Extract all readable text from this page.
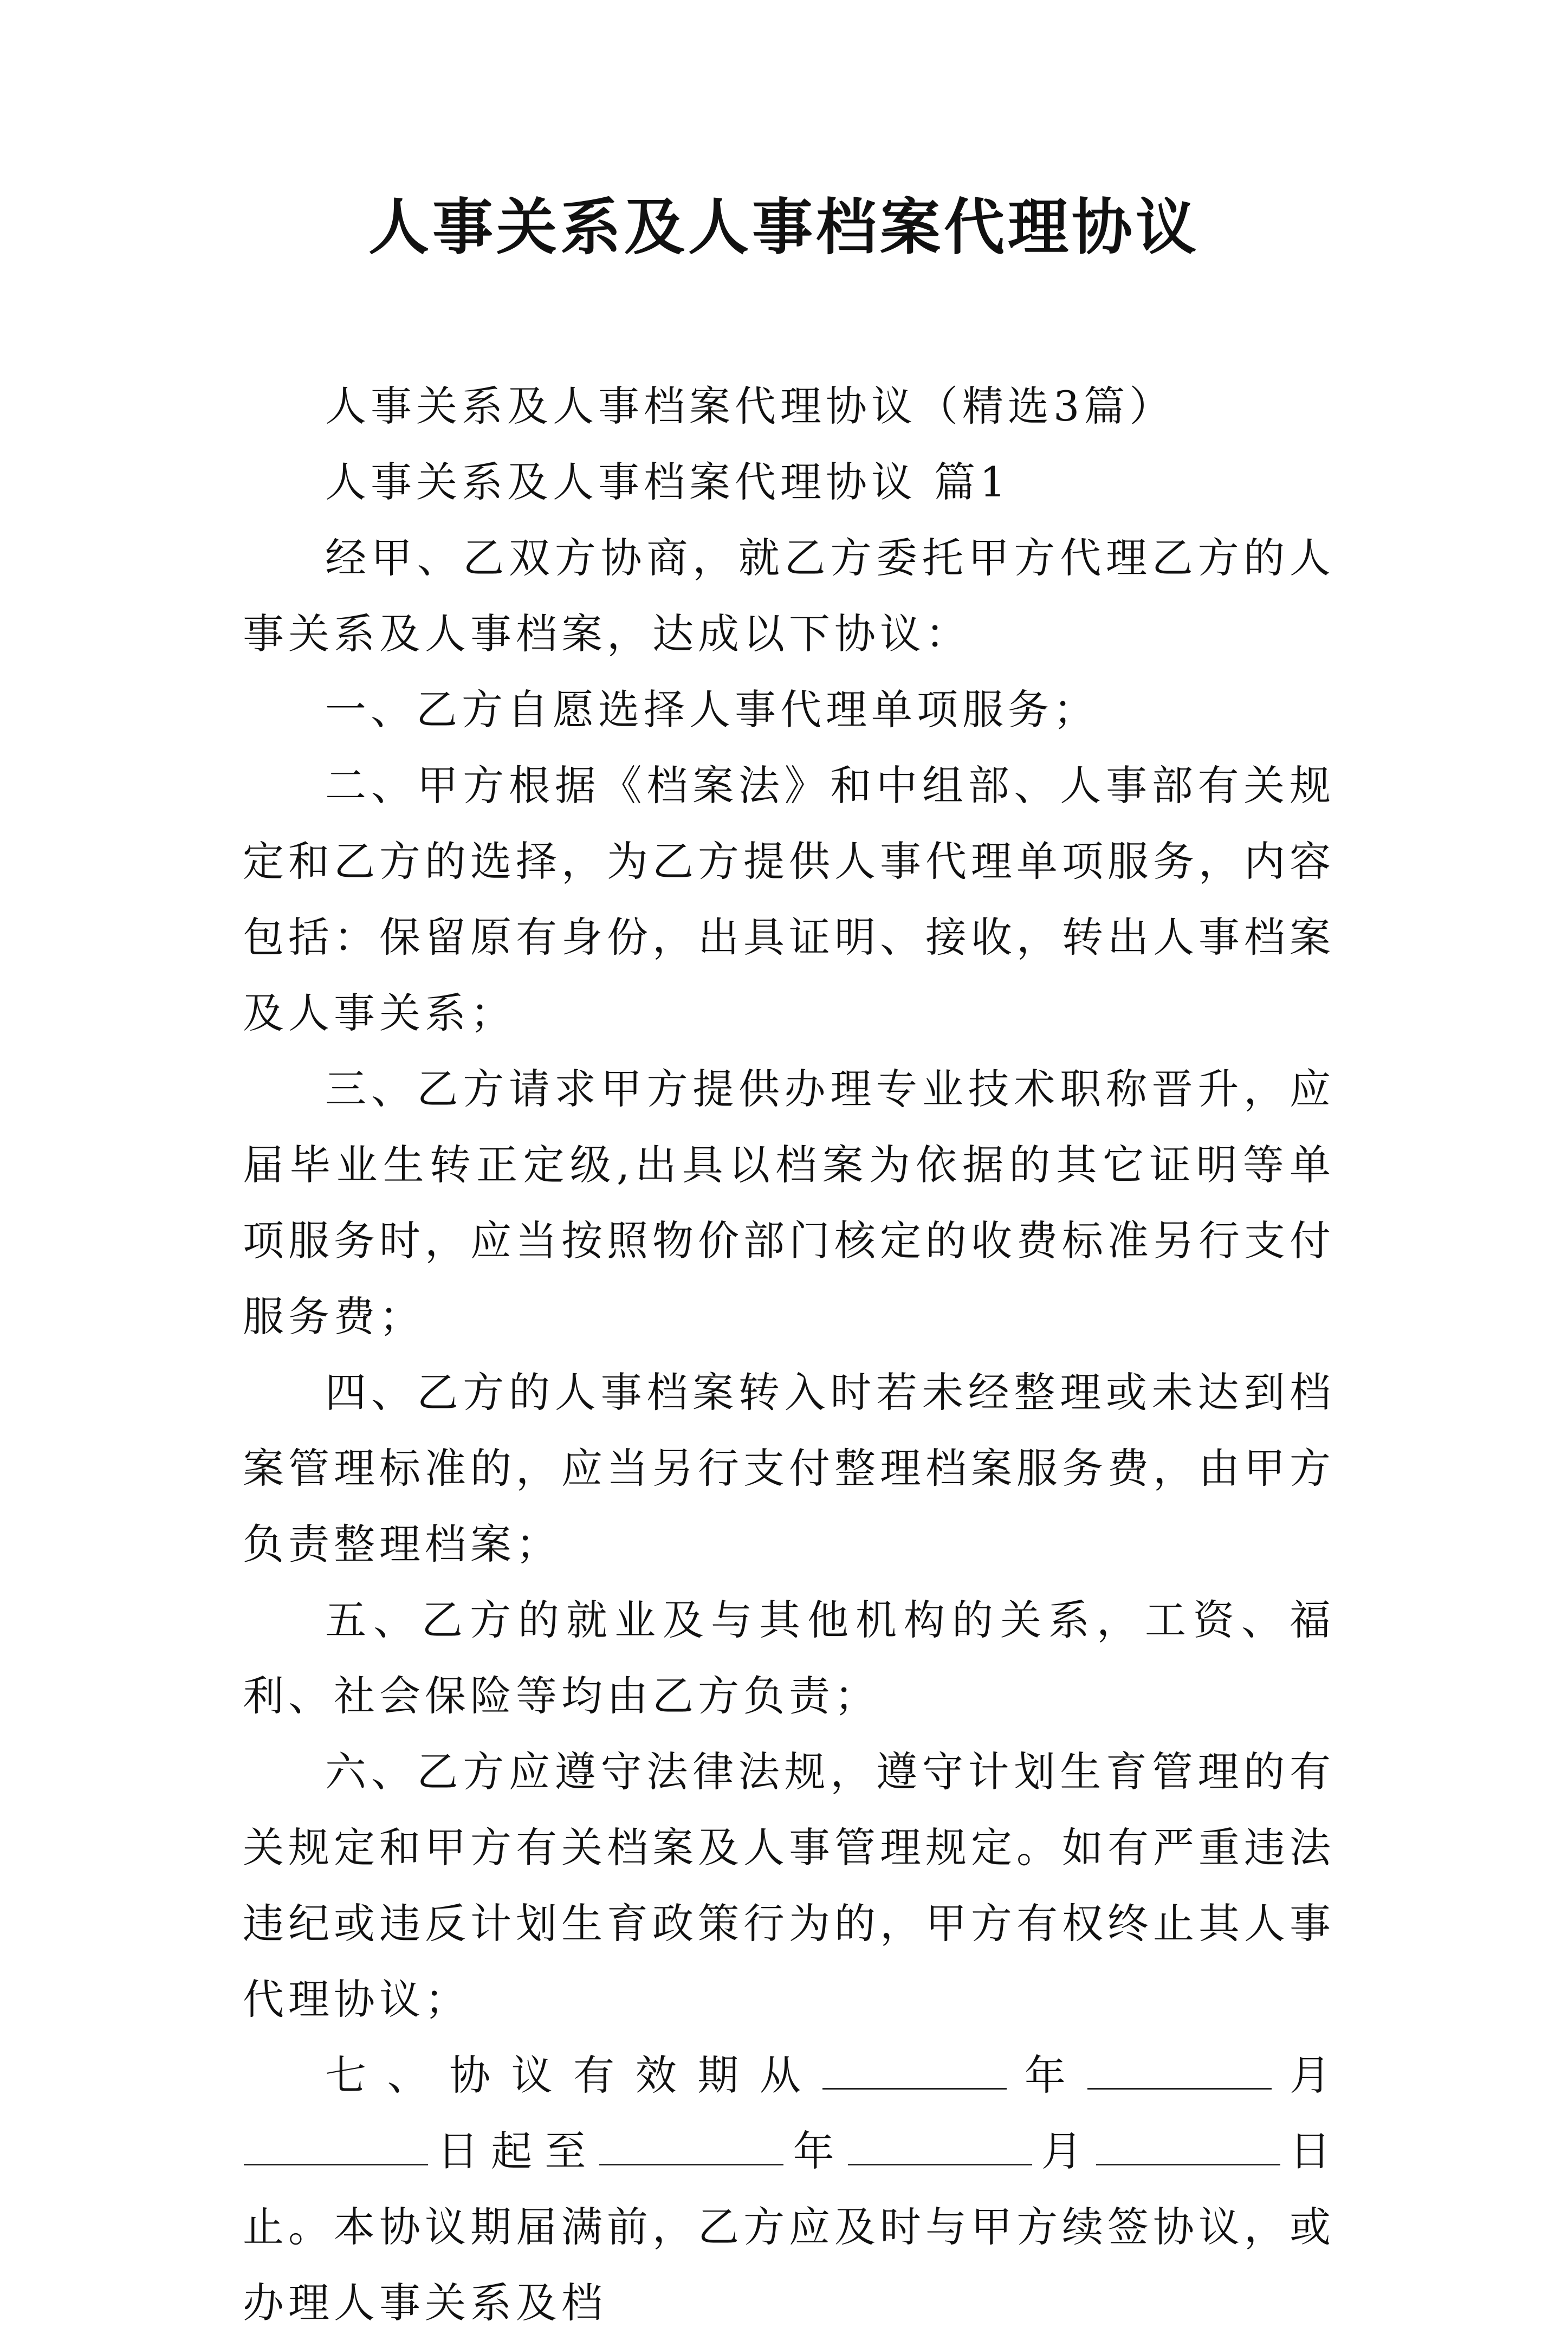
人事关系及人事档案代理协议

人事关系及人事档案代理协议（精选3篇）

人事关系及人事档案代理协议 篇1

经甲、乙双方协商，就乙方委托甲方代理乙方的人事关系及人事档案，达成以下协议：

一、乙方自愿选择人事代理单项服务；

二、甲方根据《档案法》和中组部、人事部有关规定和乙方的选择，为乙方提供人事代理单项服务，内容包括：保留原有身份，出具证明、接收，转出人事档案及人事关系；

三、乙方请求甲方提供办理专业技术职称晋升，应届毕业生转正定级,出具以档案为依据的其它证明等单项服务时，应当按照物价部门核定的收费标准另行支付服务费；

四、乙方的人事档案转入时若未经整理或未达到档案管理标准的，应当另行支付整理档案服务费，由甲方负责整理档案；

五、乙方的就业及与其他机构的关系，工资、福利、社会保险等均由乙方负责；

六、乙方应遵守法律法规，遵守计划生育管理的有关规定和甲方有关档案及人事管理规定。如有严重违法违纪或违反计划生育政策行为的，甲方有权终止其人事代理协议；

七、协议有效期从	年	月日起至	年	月	日止。本协议期届满前，乙方应及时与甲方续签协议，或办理人事关系及档
